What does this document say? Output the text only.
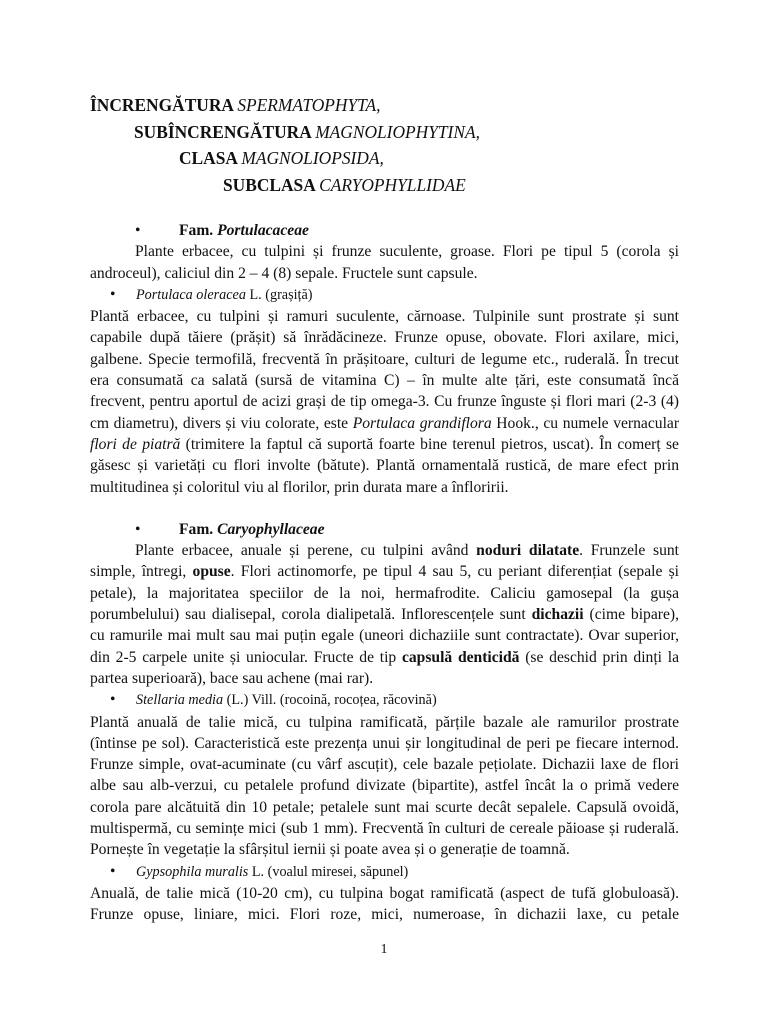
ÎNCRENGĂTURA SPERMATOPHYTA,
SUBÎNCRENGĂTURA MAGNOLIOPHYTINA,
CLASA MAGNOLIOPSIDA,
SUBCLASA CARYOPHYLLIDAE
• Fam. Portulacaceae
Plante erbacee, cu tulpini și frunze suculente, groase. Flori pe tipul 5 (corola și androceul), caliciul din 2 – 4 (8) sepale. Fructele sunt capsule.
• Portulaca oleracea L. (grașiță)
Plantă erbacee, cu tulpini și ramuri suculente, cărnoase. Tulpinile sunt prostrate și sunt capabile după tăiere (prășit) să înrădăcineze. Frunze opuse, obovate. Flori axilare, mici, galbene. Specie termofilă, frecventă în prășitoare, culturi de legume etc., ruderală. În trecut era consumată ca salată (sursă de vitamina C) – în multe alte țări, este consumată încă frecvent, pentru aportul de acizi grași de tip omega-3. Cu frunze înguste și flori mari (2-3 (4) cm diametru), divers și viu colorate, este Portulaca grandiflora Hook., cu numele vernacular flori de piatră (trimitere la faptul că suportă foarte bine terenul pietros, uscat). În comerț se găsesc și varietăți cu flori involte (bătute). Plantă ornamentală rustică, de mare efect prin multitudinea și coloritul viu al florilor, prin durata mare a înfloririi.
• Fam. Caryophyllaceae
Plante erbacee, anuale și perene, cu tulpini având noduri dilatate. Frunzele sunt simple, întregi, opuse. Flori actinomorfe, pe tipul 4 sau 5, cu periant diferențiat (sepale și petale), la majoritatea speciilor de la noi, hermafrodite. Caliciu gamosepal (la gușa porumbelului) sau dialisepal, corola dialipetală. Inflorescențele sunt dichazii (cime bipare), cu ramurile mai mult sau mai puțin egale (uneori dichaziile sunt contractate). Ovar superior, din 2-5 carpele unite și uniocular. Fructe de tip capsulă denticidă (se deschid prin dinți la partea superioară), bace sau achene (mai rar).
• Stellaria media (L.) Vill. (rocoină, rocoțea, răcovină)
Plantă anuală de talie mică, cu tulpina ramificată, părțile bazale ale ramurilor prostrate (întinse pe sol). Caracteristică este prezența unui șir longitudinal de peri pe fiecare internod. Frunze simple, ovat-acuminate (cu vârf ascuțit), cele bazale pețiolate. Dichazii laxe de flori albe sau alb-verzui, cu petalele profund divizate (bipartite), astfel încât la o primă vedere corola pare alcătuită din 10 petale; petalele sunt mai scurte decât sepalele. Capsulă ovoidă, multispermă, cu semințe mici (sub 1 mm). Frecventă în culturi de cereale păioase și ruderală. Pornește în vegetație la sfârșitul iernii și poate avea și o generație de toamnă.
• Gypsophila muralis L. (voalul miresei, săpunel)
Anuală, de talie mică (10-20 cm), cu tulpina bogat ramificată (aspect de tufă globuloasă). Frunze opuse, liniare, mici. Flori roze, mici, numeroase, în dichazii laxe, cu petale
1
